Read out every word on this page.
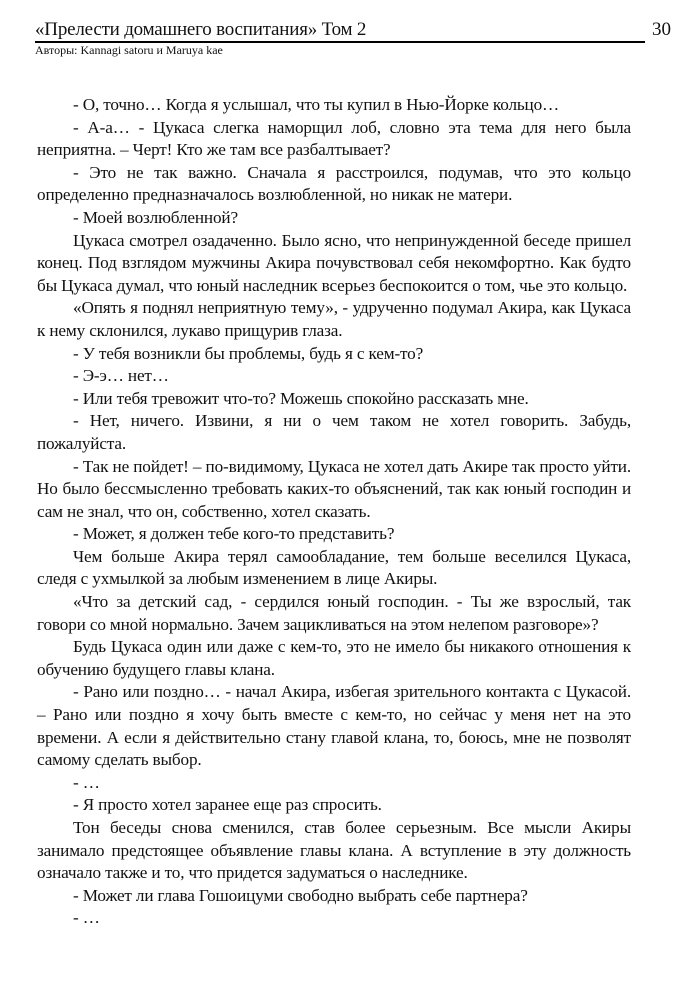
«Прелести домашнего воспитания» Том 2
Авторы: Kannagi satoru и Maruya kae
30

- О, точно… Когда я услышал, что ты купил в Нью-Йорке кольцо…

- А-а… - Цукаса слегка наморщил лоб, словно эта тема для него была неприятна. – Черт! Кто же там все разбалтывает?

- Это не так важно. Сначала я расстроился, подумав, что это кольцо определенно предназначалось возлюбленной, но никак не матери.

- Моей возлюбленной?

Цукаса смотрел озадаченно. Было ясно, что непринужденной беседе пришел конец. Под взглядом мужчины Акира почувствовал себя некомфортно. Как будто бы Цукаса думал, что юный наследник всерьез беспокоится о том, чье это кольцо.

«Опять я поднял неприятную тему», - удрученно подумал Акира, как Цукаса к нему склонился, лукаво прищурив глаза.

- У тебя возникли бы проблемы, будь я с кем-то?

- Э-э… нет…

- Или тебя тревожит что-то? Можешь спокойно рассказать мне.

- Нет, ничего. Извини, я ни о чем таком не хотел говорить. Забудь, пожалуйста.

- Так не пойдет! – по-видимому, Цукаса не хотел дать Акире так просто уйти. Но было бессмысленно требовать каких-то объяснений, так как юный господин и сам не знал, что он, собственно, хотел сказать.

- Может, я должен тебе кого-то представить?

Чем больше Акира терял самообладание, тем больше веселился Цукаса, следя с ухмылкой за любым изменением в лице Акиры.

«Что за детский сад, - сердился юный господин. - Ты же взрослый, так говори со мной нормально. Зачем зацикливаться на этом нелепом разговоре»?

Будь Цукаса один или даже с кем-то, это не имело бы никакого отношения к обучению будущего главы клана.

- Рано или поздно… - начал Акира, избегая зрительного контакта с Цукасой. – Рано или поздно я хочу быть вместе с кем-то, но сейчас у меня нет на это времени. А если я действительно стану главой клана, то, боюсь, мне не позволят самому сделать выбор.

- …

- Я просто хотел заранее еще раз спросить.

Тон беседы снова сменился, став более серьезным. Все мысли Акиры занимало предстоящее объявление главы клана. А вступление в эту должность означало также и то, что придется задуматься о наследнике.

- Может ли глава Гошоицуми свободно выбрать себе партнера?

- …
